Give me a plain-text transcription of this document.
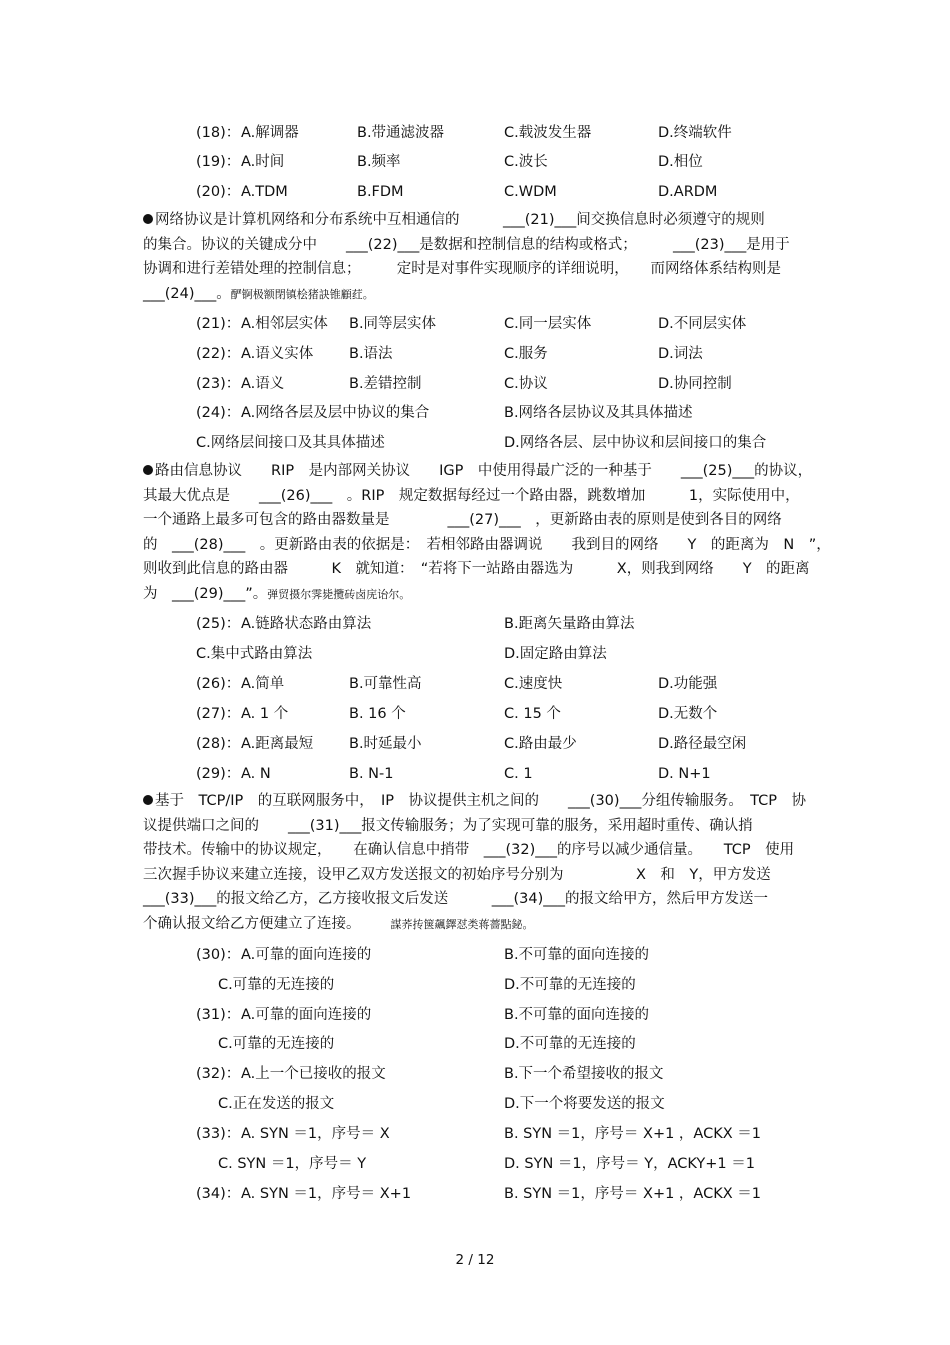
(18)： A.解调器	B.带通滤波器	C.载波发生器	D.终端软件
(19)： A.时间	B.频率	C.波长	D.相位
(20)： A.TDM	B.FDM	C.WDM	D.ARDM
网络协议是计算机网络和分布系统中互相通信的　　　___(21)___间交换信息时必须遵守的规则
的集合。协议的关键成分中　　___(22)___是数据和控制信息的结构或格式；　　　___(23)___是用于
协调和进行差错处理的控制信息；　　　定时是对事件实现顺序的详细说明，　　而网络体系结构则是
___(24)___。酽锕极额閉镇桧猪訣锥顧荭。
(21)： A.相邻层实体 B.同等层实体	C.同一层实体	D.不同层实体
(22)： A.语义实体 B.语法	C.服务	D.词法
(23)： A.语义	B.差错控制	C.协议	D.协同控制
(24)： A.网络各层及层中协议的集合	B.网络各层协议及其具体描述
C.网络层间接口及其具体描述	D.网络各层、层中协议和层间接口的集合
路由信息协议　　RIP　是内部网关协议　　IGP　中使用得最广泛的一种基于　　___(25)___的协议，
其最大优点是　　___(26)___　。RIP　规定数据每经过一个路由器，跳数增加　　　1，实际使用中，
一个通路上最多可包含的路由器数量是　　　　___(27)___　，更新路由表的原则是使到各目的网络
的　___(28)___　。更新路由表的依据是：　若相邻路由器调说　　我到目的网络　　Y　的距离为　N　”，
则收到此信息的路由器　　　K　就知道：　“若将下一站路由器选为　　　X，则我到网络　　Y　的距离
为　___(29)___”。弹贸摄尔霁毙攬砖卤庑诒尔。
(25)： A.链路状态路由算法	B.距离矢量路由算法
C.集中式路由算法	D.固定路由算法
(26)： A.简单	B.可靠性高	C.速度快	D.功能强
(27)： A. 1 个	B. 16 个	C. 15 个	D.无数个
(28)： A.距离最短 B.时延最小	C.路由最少	D.路径最空闲
(29)： A. N	B. N-1	C. 1	D. N+1
基于　TCP/IP　的互联网服务中，　IP　协议提供主机之间的　　___(30)___分组传输服务。　TCP　协
议提供端口之间的　　___(31)___报文传输服务；为了实现可靠的服务，采用超时重传、确认捎
带技术。传输中的协议规定，　　在确认信息中捎带　___(32)___的序号以减少通信量。　　TCP　使用
三次握手协议来建立连接，设甲乙双方发送报文的初始序号分别为　　　　　X　和　Y，甲方发送
___(33)___的报文给乙方，乙方接收报文后发送　　　___(34)___的报文给甲方，然后甲方发送一
个确认报文给乙方便建立了连接。	謀荞抟箧飆鐸怼类蒋薔點鉍。
(30)： A.可靠的面向连接的	B.不可靠的面向连接的
C.可靠的无连接的	D.不可靠的无连接的
(31)： A.可靠的面向连接的	B.不可靠的面向连接的
C.可靠的无连接的	D.不可靠的无连接的
(32)： A.上一个已接收的报文	B.下一个希望接收的报文
C.正在发送的报文	D.下一个将要发送的报文
(33)： A. SYN ＝1，序号＝ X	B. SYN ＝1，序号＝ X+1 ，ACKX ＝1
C. SYN ＝1，序号＝ Y	D. SYN ＝1，序号＝ Y，ACKY+1 ＝1
(34)： A. SYN ＝1，序号＝ X+1	B. SYN ＝1，序号＝ X+1 ，ACKX ＝1
2 / 12
